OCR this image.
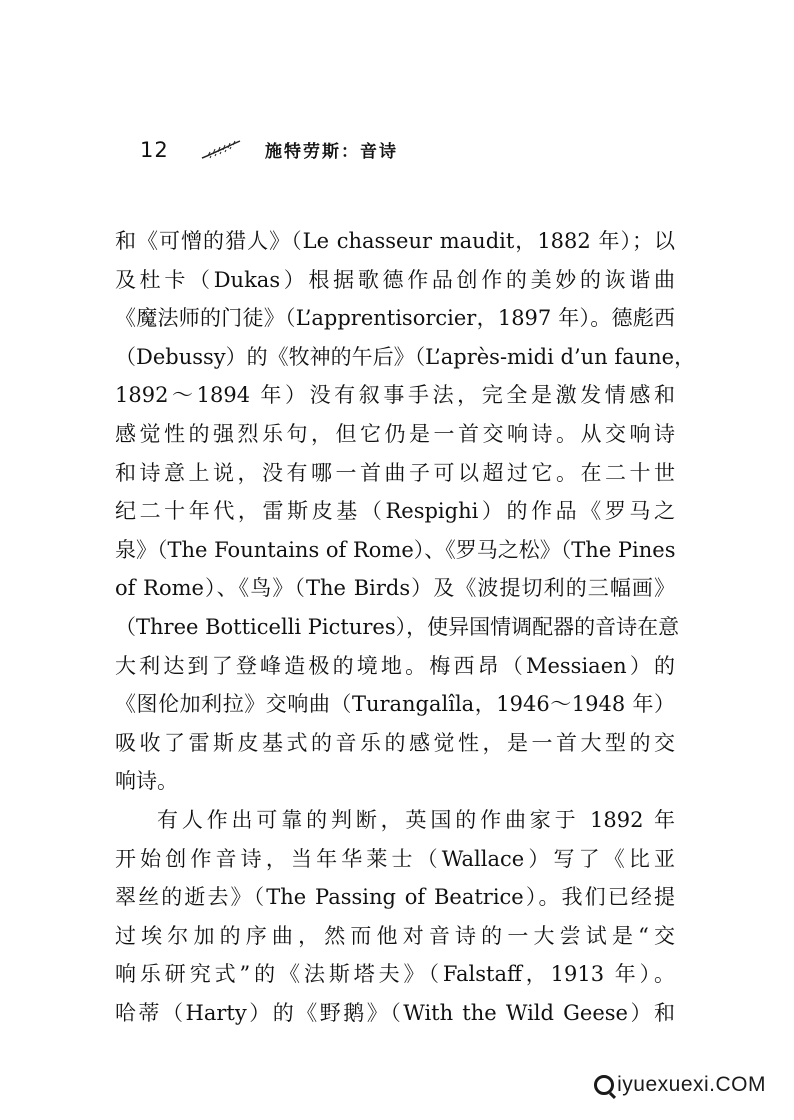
12	施特劳斯：音诗
和《可憎的猎人》（Le chasseur maudit，1882 年）；以
及杜卡（Dukas）根据歌德作品创作的美妙的诙谐曲
《魔法师的门徒》（L’apprentisorcier，1897 年）。德彪西
（Debussy）的《牧神的午后》（L’après-midi d’un faune，
1892～1894 年）没有叙事手法，完全是激发情感和
感觉性的强烈乐句，但它仍是一首交响诗。从交响诗
和诗意上说，没有哪一首曲子可以超过它。在二十世
纪二十年代，雷斯皮基（Respighi）的作品《罗马之
泉》（The Fountains of Rome）、《罗马之松》（The Pines
of Rome）、《鸟》（The Birds）及《波提切利的三幅画》
（Three Botticelli Pictures），使异国情调配器的音诗在意
大利达到了登峰造极的境地。梅西昂（Messiaen）的
《图伦加利拉》交响曲（Turangalîla，1946～1948 年）
吸收了雷斯皮基式的音乐的感觉性，是一首大型的交
响诗。
有人作出可靠的判断，英国的作曲家于 1892 年
开始创作音诗，当年华莱士（Wallace）写了《比亚
翠丝的逝去》（The Passing of Beatrice）。我们已经提
过埃尔加的序曲，然而他对音诗的一大尝试是“交
响乐研究式”的《法斯塔夫》（Falstaff，1913 年）。
哈蒂（Harty）的《野鹅》（With the Wild Geese）和
iyuexuexi.COM
